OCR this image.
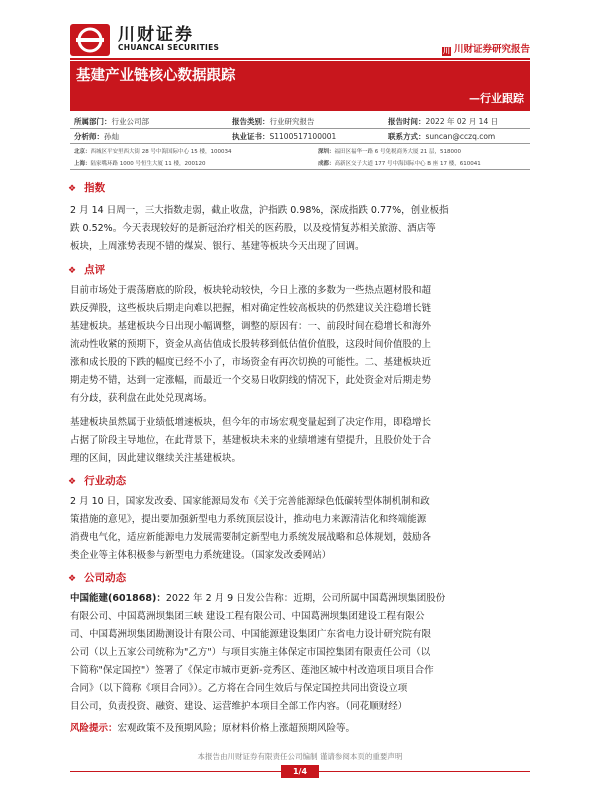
川财证券
CHUANCAI SECURITIES	川 川财证券研究报告
基建产业链核心数据跟踪
—行业跟踪
所属部门：行业公司部	报告类别：行业研究报告	报告时间：2022 年 02 月 14 日
分析师：孙灿	执业证书：S1100517100001	联系方式：suncan@cczq.com
北京：西城区平安里西大街 28 号中海国际中心 15 楼，100034	深圳：福田区福华一路 6 号免税商务大厦 21 层，518000
上海：陆家嘴环路 1000 号恒生大厦 11 楼，200120	成都：高新区交子大道 177 号中海国际中心 B 座 17 楼，610041
❖ 指数
2 月 14 日周一，三大指数走弱，截止收盘，沪指跌 0.98%，深成指跌 0.77%，创业板指
跌 0.52%。今天表现较好的是新冠治疗相关的医药股，以及疫情复苏相关旅游、酒店等
板块，上周涨势表现不错的煤炭、银行、基建等板块今天出现了回调。
❖ 点评
目前市场处于震荡磨底的阶段，板块轮动较快，今日上涨的多数为一些热点题材股和超
跌反弹股，这些板块后期走向难以把握，相对确定性较高板块的仍然建议关注稳增长链
基建板块。基建板块今日出现小幅调整，调整的原因有：一、前段时间在稳增长和海外
流动性收紧的预期下，资金从高估值成长股转移到低估值价值股，这段时间价值股的上
涨和成长股的下跌的幅度已经不小了，市场资金有再次切换的可能性。二、基建板块近
期走势不错，达到一定涨幅，而最近一个交易日收阴线的情况下，此处资金对后期走势
有分歧，获利盘在此处兑现离场。
基建板块虽然属于业绩低增速板块，但今年的市场宏观变量起到了决定作用，即稳增长
占据了阶段主导地位，在此背景下，基建板块未来的业绩增速有望提升，且股价处于合
理的区间，因此建议继续关注基建板块。
❖ 行业动态
2 月 10 日，国家发改委、国家能源局发布《关于完善能源绿色低碳转型体制机制和政
策措施的意见》，提出要加强新型电力系统顶层设计，推动电力来源清洁化和终端能源
消费电气化，适应新能源电力发展需要制定新型电力系统发展战略和总体规划，鼓励各
类企业等主体积极参与新型电力系统建设。（国家发改委网站）
❖ 公司动态
中国能建(601868)：2022 年 2 月 9 日发公告称：近期，公司所属中国葛洲坝集团股份
有限公司、中国葛洲坝集团三峡 建设工程有限公司、中国葛洲坝集团建设工程有限公
司、中国葛洲坝集团勘测设计有限公司、中国能源建设集团广东省电力设计研究院有限
公司（以上五家公司统称为"乙方"）与项目实施主体保定市国控集团有限责任公司（以
下简称"保定国控"）签署了《保定市城市更新-竞秀区、莲池区城中村改造项目项目合作
合同》（以下简称《项目合同》）。乙方将在合同生效后与保定国控共同出资设立项
目公司，负责投资、融资、建设、运营维护本项目全部工作内容。（同花顺财经）
风险提示：宏观政策不及预期风险；原材料价格上涨超预期风险等。
本报告由川财证券有限责任公司编制 谨请参阅本页的重要声明
1/4
